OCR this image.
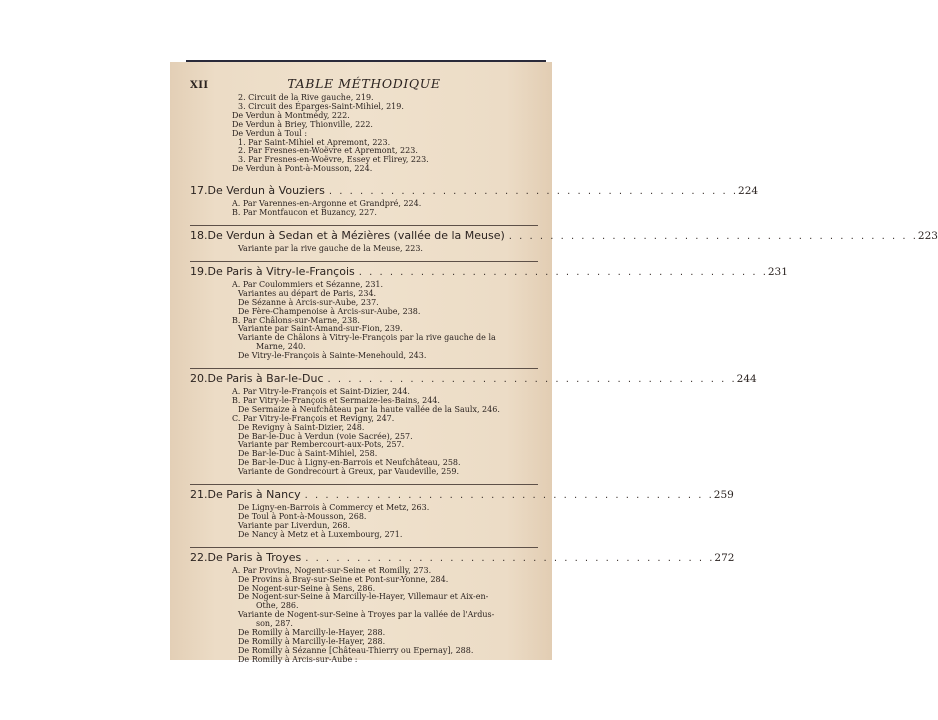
XII	TABLE MÉTHODIQUE
2. Circuit de la Rive gauche, 219.
3. Circuit des Éparges-Saint-Mihiel, 219.
De Verdun à Montmédy, 222.
De Verdun à Briey, Thionville, 222.
De Verdun à Toul :
1. Par Saint-Mihiel et Apremont, 223.
2. Par Fresnes-en-Woëvre et Apremont, 223.
3. Par Fresnes-en-Woëvre, Essey et Flirey, 223.
De Verdun à Pont-à-Mousson, 224.
17. De Verdun à Vouziers . . . . . . . . . . . . . . . . . . . . . . . . . . . . . . . . . . . . . . . . 224
A. Par Varennes-en-Argonne et Grandpré, 224.
B. Par Montfaucon et Buzancy, 227.
18. De Verdun à Sedan et à Mézières (vallée de la Meuse) . . . . . . . . . . . . . . . . . . . . . . . . . . . . . . . . . . . . . . . . 223
Variante par la rive gauche de la Meuse, 223.
19. De Paris à Vitry-le-François . . . . . . . . . . . . . . . . . . . . . . . . . . . . . . . . . . . . . . . . 231
A. Par Coulommiers et Sézanne, 231.
Variantes au départ de Paris, 234.
De Sézanne à Arcis-sur-Aube, 237.
De Fère-Champenoise à Arcis-sur-Aube, 238.
B. Par Châlons-sur-Marne, 238.
Variante par Saint-Amand-sur-Fion, 239.
Variante de Châlons à Vitry-le-François par la rive gauche de la
Marne, 240.
De Vitry-le-François à Sainte-Menehould, 243.
20. De Paris à Bar-le-Duc . . . . . . . . . . . . . . . . . . . . . . . . . . . . . . . . . . . . . . . . 244
A. Par Vitry-le-François et Saint-Dizier, 244.
B. Par Vitry-le-François et Sermaize-les-Bains, 244.
De Sermaize à Neufchâteau par la haute vallée de la Saulx, 246.
C. Par Vitry-le-François et Revigny, 247.
De Revigny à Saint-Dizier, 248.
De Bar-le-Duc à Verdun (voie Sacrée), 257.
Variante par Rembercourt-aux-Pots, 257.
De Bar-le-Duc à Saint-Mihiel, 258.
De Bar-le-Duc à Ligny-en-Barrois et Neufchâteau, 258.
Variante de Gondrecourt à Greux, par Vaudeville, 259.
21. De Paris à Nancy . . . . . . . . . . . . . . . . . . . . . . . . . . . . . . . . . . . . . . . . 259
De Ligny-en-Barrois à Commercy et Metz, 263.
De Toul à Pont-à-Mousson, 268.
Variante par Liverdun, 268.
De Nancy à Metz et à Luxembourg, 271.
22. De Paris à Troyes . . . . . . . . . . . . . . . . . . . . . . . . . . . . . . . . . . . . . . . . 272
A. Par Provins, Nogent-sur-Seine et Romilly, 273.
De Provins à Bray-sur-Seine et Pont-sur-Yonne, 284.
De Nogent-sur-Seine à Sens, 286.
De Nogent-sur-Seine à Marcilly-le-Hayer, Villemaur et Aix-en-
Othe, 286.
Variante de Nogent-sur-Seine à Troyes par la vallée de l'Ardus-
son, 287.
De Romilly à Marcilly-le-Hayer, 288.
De Romilly à Marcilly-le-Hayer, 288.
De Romilly à Sézanne [Château-Thierry ou Epernay], 288.
De Romilly à Arcis-sur-Aube :
